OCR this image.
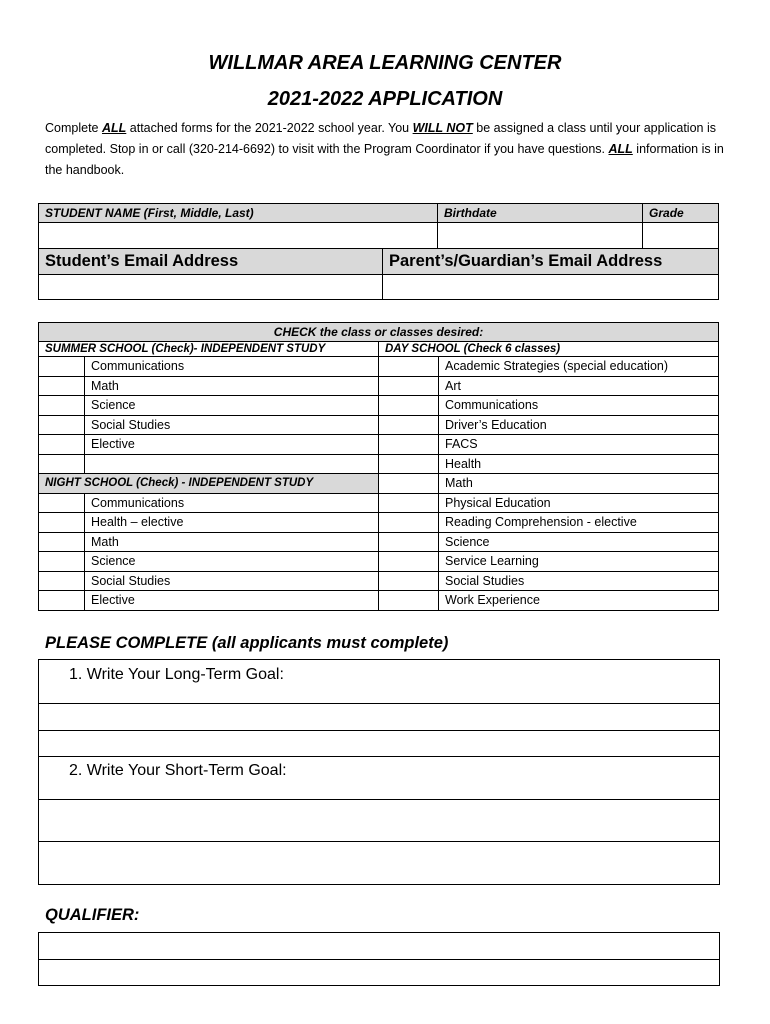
WILLMAR AREA LEARNING CENTER
2021-2022 APPLICATION
Complete ALL attached forms for the 2021-2022 school year. You WILL NOT be assigned a class until your application is completed. Stop in or call (320-214-6692) to visit with the Program Coordinator if you have questions. ALL information is in the handbook.
STUDENT NAME (First, Middle, Last)		Birthdate	Grade

Student’s Email Address	Parent’s/Guardian’s Email Address		

CHECK the class or classes desired:			
SUMMER SCHOOL (Check)- INDEPENDENT STUDY		DAY SCHOOL (Check 6 classes)	
	Communications		Academic Strategies (special education)
	Math		Art
	Science		Communications
	Social Studies		Driver’s Education
	Elective		FACS
			Health
NIGHT SCHOOL (Check) - INDEPENDENT STUDY			Math
	Communications		Physical Education
	Health – elective		Reading Comprehension - elective
	Math		Science
	Science		Service Learning
	Social Studies		Social Studies
	Elective		Work Experience
PLEASE COMPLETE (all applicants must complete)
1. Write Your Long-Term Goal:
2. Write Your Short-Term Goal:
QUALIFIER:
